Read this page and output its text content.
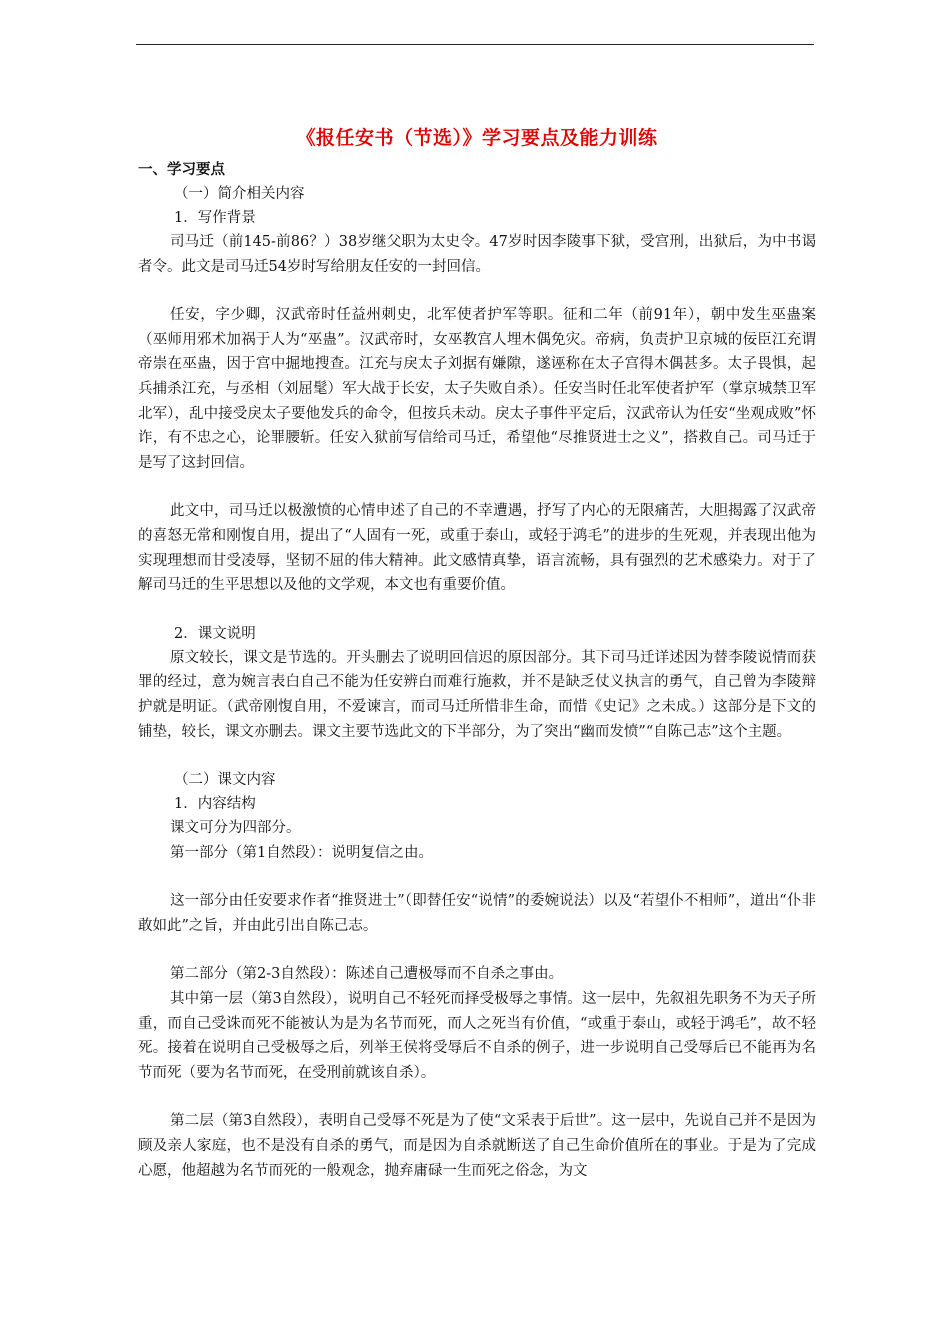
《报任安书（节选）》学习要点及能力训练
一、学习要点
（一）简介相关内容
1．写作背景

司马迁（前145-前86？）38岁继父职为太史令。47岁时因李陵事下狱，受宫刑，出狱后，为中书谒者令。此文是司马迁54岁时写给朋友任安的一封回信。

任安，字少卿，汉武帝时任益州刺史，北军使者护军等职。征和二年（前91年），朝中发生巫蛊案（巫师用邪术加祸于人为“巫蛊”。汉武帝时，女巫教宫人埋木偶免灾。帝病，负责护卫京城的佞臣江充谓帝崇在巫蛊，因于宫中掘地搜查。江充与戾太子刘据有嫌隙，遂诬称在太子宫得木偶甚多。太子畏惧，起兵捕杀江充，与丞相（刘屈髦）军大战于长安，太子失败自杀）。任安当时任北军使者护军（掌京城禁卫军北军），乱中接受戾太子要他发兵的命令，但按兵未动。戾太子事件平定后，汉武帝认为任安“坐观成败”怀诈，有不忠之心，论罪腰斩。任安入狱前写信给司马迁，希望他“尽推贤进士之义”，搭救自己。司马迁于是写了这封回信。

此文中，司马迁以极激愤的心情申述了自己的不幸遭遇，抒写了内心的无限痛苦，大胆揭露了汉武帝的喜怒无常和刚愎自用，提出了“人固有一死，或重于泰山，或轻于鸿毛”的进步的生死观，并表现出他为实现理想而甘受凌辱，坚韧不屈的伟大精神。此文感情真挚，语言流畅，具有强烈的艺术感染力。对于了解司马迁的生平思想以及他的文学观，本文也有重要价值。

2．课文说明

原文较长，课文是节选的。开头删去了说明回信迟的原因部分。其下司马迁详述因为替李陵说情而获罪的经过，意为婉言表白自己不能为任安辨白而难行施救，并不是缺乏仗义执言的勇气，自己曾为李陵辩护就是明证。（武帝刚愎自用，不爱谏言，而司马迁所惜非生命，而惜《史记》之未成。）这部分是下文的铺垫，较长，课文亦删去。课文主要节选此文的下半部分，为了突出“幽而发愤”“自陈己志”这个主题。

（二）课文内容
1．内容结构

课文可分为四部分。

第一部分（第1自然段）：说明复信之由。

这一部分由任安要求作者“推贤进士”（即替任安“说情”的委婉说法）以及“若望仆不相师”，道出“仆非敢如此”之旨，并由此引出自陈己志。

第二部分（第2-3自然段）：陈述自己遭极辱而不自杀之事由。

其中第一层（第3自然段），说明自己不轻死而择受极辱之事情。这一层中，先叙祖先职务不为天子所重，而自己受诛而死不能被认为是为名节而死，而人之死当有价值，“或重于泰山，或轻于鸿毛”，故不轻死。接着在说明自己受极辱之后，列举王侯将受辱后不自杀的例子，进一步说明自己受辱后已不能再为名节而死（要为名节而死，在受刑前就该自杀）。

第二层（第3自然段），表明自己受辱不死是为了使“文采表于后世”。这一层中，先说自己并不是因为顾及亲人家庭，也不是没有自杀的勇气，而是因为自杀就断送了自己生命价值所在的事业。于是为了完成心愿，他超越为名节而死的一般观念，抛弃庸碌一生而死之俗念，为文
